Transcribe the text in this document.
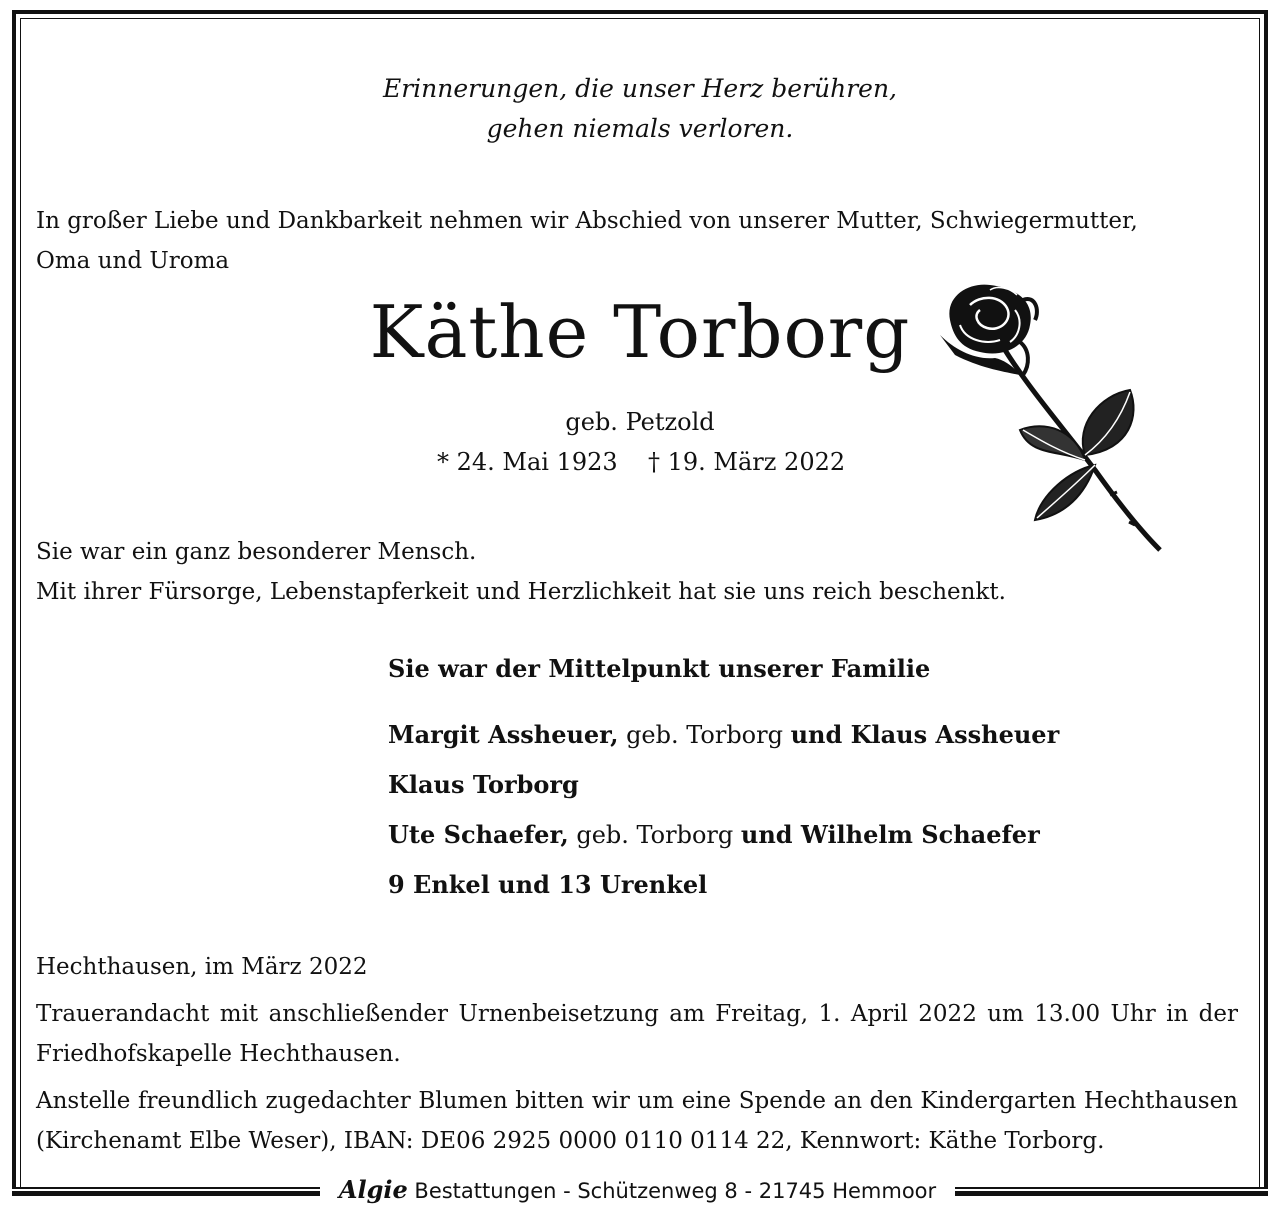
Erinnerungen, die unser Herz berühren,
gehen niemals verloren.
In großer Liebe und Dankbarkeit nehmen wir Abschied von unserer Mutter, Schwiegermutter,
Oma und Uroma
Käthe Torborg
geb. Petzold
* 24. Mai 1923 † 19. März 2022
Sie war ein ganz besonderer Mensch.
Mit ihrer Fürsorge, Lebenstapferkeit und Herzlichkeit hat sie uns reich beschenkt.
Sie war der Mittelpunkt unserer Familie
Margit Assheuer, geb. Torborg und Klaus Assheuer
Klaus Torborg
Ute Schaefer, geb. Torborg und Wilhelm Schaefer
9 Enkel und 13 Urenkel
Hechthausen, im März 2022
Trauerandacht mit anschließender Urnenbeisetzung am Freitag, 1. April 2022 um 13.00 Uhr in der Friedhofskapelle Hechthausen.
Anstelle freundlich zugedachter Blumen bitten wir um eine Spende an den Kindergarten Hechthausen (Kirchenamt Elbe Weser), IBAN: DE06 2925 0000 0110 0114 22, Kennwort: Käthe Torborg.
Algie Bestattungen - Schützenweg 8 - 21745 Hemmoor
